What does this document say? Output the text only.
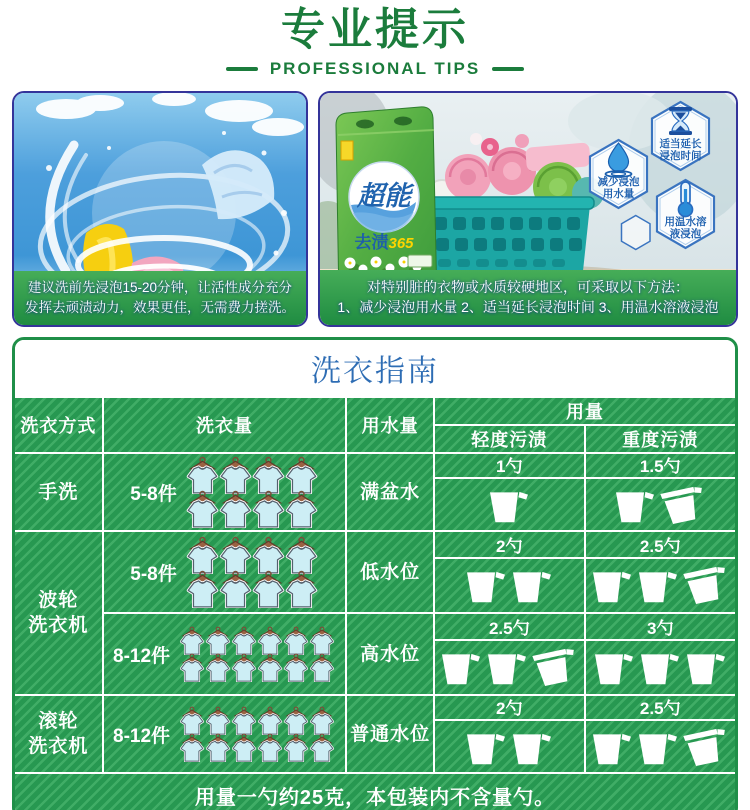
专业提示
PROFESSIONAL TIPS
建议洗前先浸泡15-20分钟，让活性成分充分
发挥去顽渍动力，效果更佳，无需费力搓洗。
超能
去渍365
适当延长浸泡时间
减少浸泡用水量
用温水溶液浸泡
对特别脏的衣物或水质较硬地区，可采取以下方法：
1、减少浸泡用水量 2、适当延长浸泡时间 3、用温水溶液浸泡
洗衣指南
洗衣方式	洗衣量	用水量	用量	
			轻度污渍	重度污渍
手洗	5-8件	满盆水	1勺	1.5勺

波轮
洗衣机	5-8件	低水位	2勺	2.5勺

	8-12件	高水位	2.5勺	3勺

滚轮
洗衣机	8-12件	普通水位	2勺	2.5勺

用量一勺约25克，本包装内不含量勺。				
